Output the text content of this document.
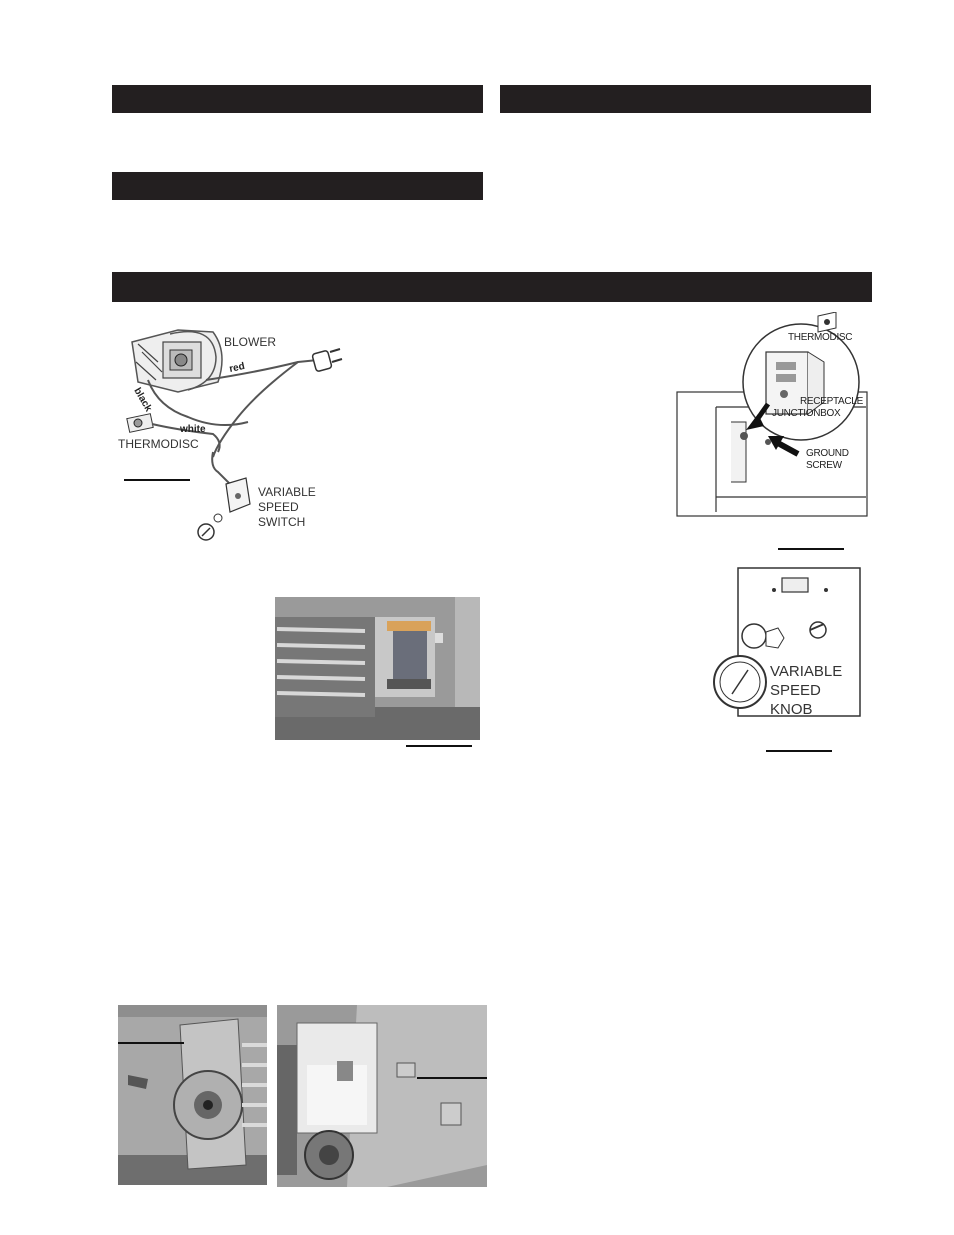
BLOWER
red
black
white
THERMODISC
VARIABLE
SPEED
SWITCH
THERMODISC
RECEPTACLE
JUNCTIONBOX
GROUND
SCREW
VARIABLE
SPEED
KNOB
